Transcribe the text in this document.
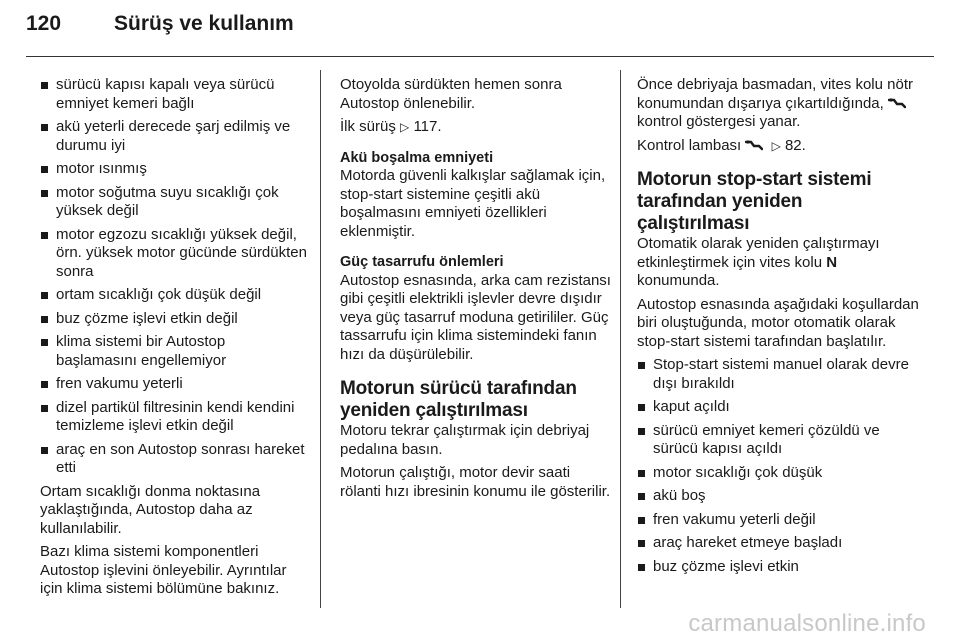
120	Sürüş ve kullanım
sürücü kapısı kapalı veya sürücü emniyet kemeri bağlı
akü yeterli derecede şarj edilmiş ve durumu iyi
motor ısınmış
motor soğutma suyu sıcaklığı çok yüksek değil
motor egzozu sıcaklığı yüksek değil, örn. yüksek motor gücünde sürdükten sonra
ortam sıcaklığı çok düşük değil
buz çözme işlevi etkin değil
klima sistemi bir Autostop başlamasını engellemiyor
fren vakumu yeterli
dizel partikül filtresinin kendi kendini temizleme işlevi etkin değil
araç en son Autostop sonrası hareket etti

Ortam sıcaklığı donma noktasına yaklaştığında, Autostop daha az kullanılabilir.

Bazı klima sistemi komponentleri Autostop işlevini önleyebilir. Ayrıntılar için klima sistemi bölümüne bakınız.

Otoyolda sürdükten hemen sonra Autostop önlenebilir.

İlk sürüş ▷ 117.

Akü boşalma emniyeti

Motorda güvenli kalkışlar sağlamak için, stop-start sistemine çeşitli akü boşalmasını emniyeti özellikleri eklenmiştir.

Güç tasarrufu önlemleri

Autostop esnasında, arka cam rezistansı gibi çeşitli elektrikli işlevler devre dışıdır veya güç tasarruf moduna getirililer. Güç tassarrufu için klima sistemindeki fanın hızı da düşürülebilir.

Motorun sürücü tarafından yeniden çalıştırılması

Motoru tekrar çalıştırmak için debriyaj pedalına basın.

Motorun çalıştığı, motor devir saati rölanti hızı ibresinin konumu ile gösterilir.

Önce debriyaja basmadan, vites kolu nötr konumundan dışarıya çıkartıldığında,  kontrol göstergesi yanar.

Kontrol lambası	▷ 82.

Motorun stop-start sistemi tarafından yeniden çalıştırılması

Otomatik olarak yeniden çalıştırmayı etkinleştirmek için vites kolu N konumunda.

Autostop esnasında aşağıdaki koşullardan biri oluştuğunda, motor otomatik olarak stop-start sistemi tarafından başlatılır.

Stop-start sistemi manuel olarak devre dışı bırakıldı
kaput açıldı
sürücü emniyet kemeri çözüldü ve sürücü kapısı açıldı
motor sıcaklığı çok düşük
akü boş
fren vakumu yeterli değil
araç hareket etmeye başladı
buz çözme işlevi etkin
carmanualsonline.info
